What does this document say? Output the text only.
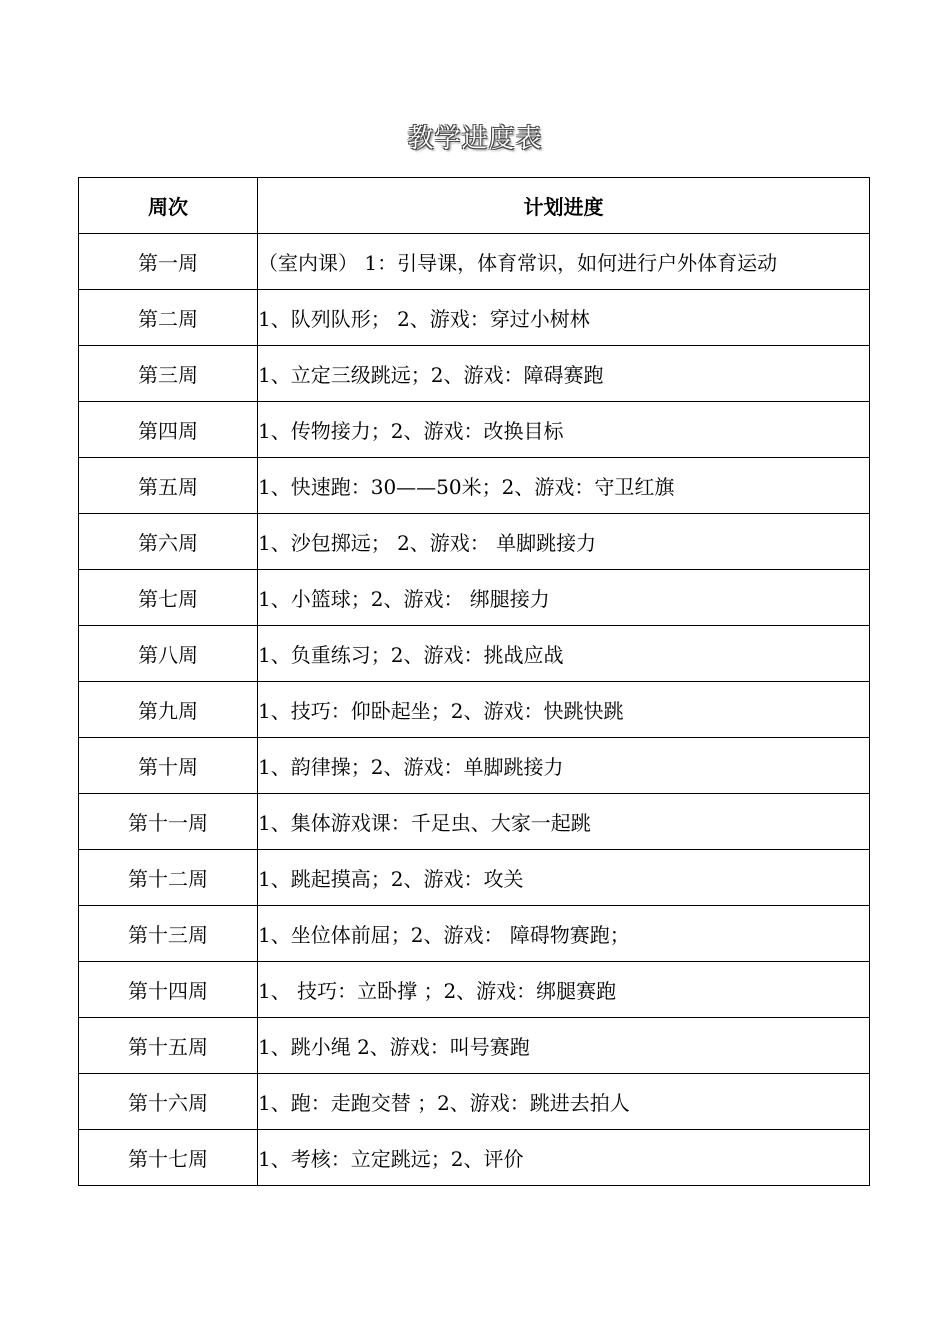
教学进度表
周次	计划进度
第一周	（室内课） 1：引导课，体育常识，如何进行户外体育运动
第二周	1、队列队形； 2、游戏：穿过小树林
第三周	1、立定三级跳远；2、游戏：障碍赛跑
第四周	1、传物接力；2、游戏：改换目标
第五周	1、快速跑：30——50米；2、游戏：守卫红旗
第六周	1、沙包掷远； 2、游戏： 单脚跳接力
第七周	1、小篮球；2、游戏： 绑腿接力
第八周	1、负重练习；2、游戏：挑战应战
第九周	1、技巧：仰卧起坐；2、游戏：快跳快跳
第十周	1、韵律操；2、游戏：单脚跳接力
第十一周	1、集体游戏课：千足虫、大家一起跳
第十二周	1、跳起摸高；2、游戏：攻关
第十三周	1、坐位体前屈；2、游戏： 障碍物赛跑；
第十四周	1、 技巧：立卧撑 ；2、游戏：绑腿赛跑
第十五周	1、跳小绳 2、游戏：叫号赛跑
第十六周	1、跑：走跑交替 ；2、游戏：跳进去拍人
第十七周	1、考核：立定跳远；2、评价
